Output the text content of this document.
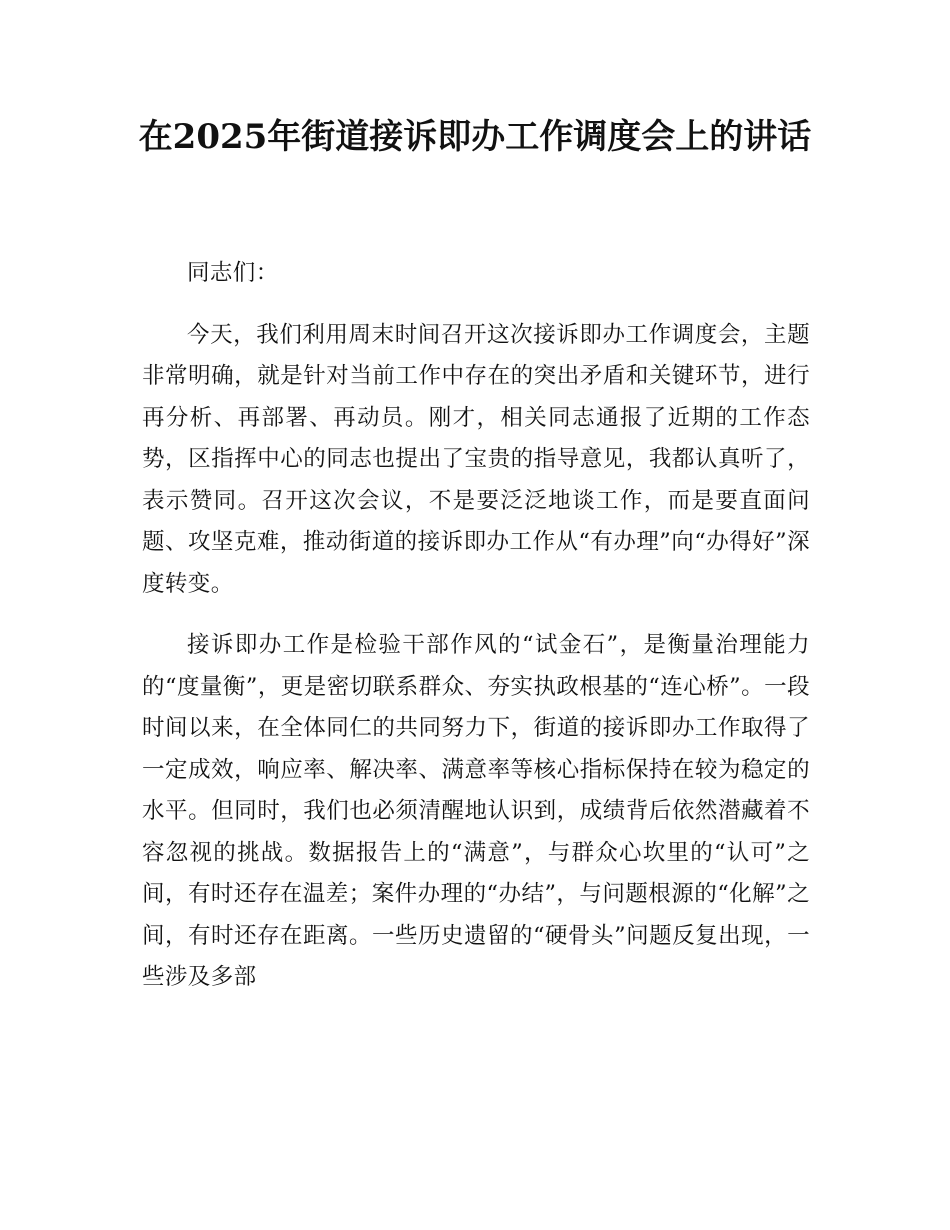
在2025年街道接诉即办工作调度会上的讲话

同志们：

今天，我们利用周末时间召开这次接诉即办工作调度会，主题非常明确，就是针对当前工作中存在的突出矛盾和关键环节，进行再分析、再部署、再动员。刚才，相关同志通报了近期的工作态势，区指挥中心的同志也提出了宝贵的指导意见，我都认真听了，表示赞同。召开这次会议，不是要泛泛地谈工作，而是要直面问题、攻坚克难，推动街道的接诉即办工作从“有办理”向“办得好”深度转变。

接诉即办工作是检验干部作风的“试金石”，是衡量治理能力的“度量衡”，更是密切联系群众、夯实执政根基的“连心桥”。一段时间以来，在全体同仁的共同努力下，街道的接诉即办工作取得了一定成效，响应率、解决率、满意率等核心指标保持在较为稳定的水平。但同时，我们也必须清醒地认识到，成绩背后依然潜藏着不容忽视的挑战。数据报告上的“满意”，与群众心坎里的“认可”之间，有时还存在温差；案件办理的“办结”，与问题根源的“化解”之间，有时还存在距离。一些历史遗留的“硬骨头”问题反复出现，一些涉及多部
